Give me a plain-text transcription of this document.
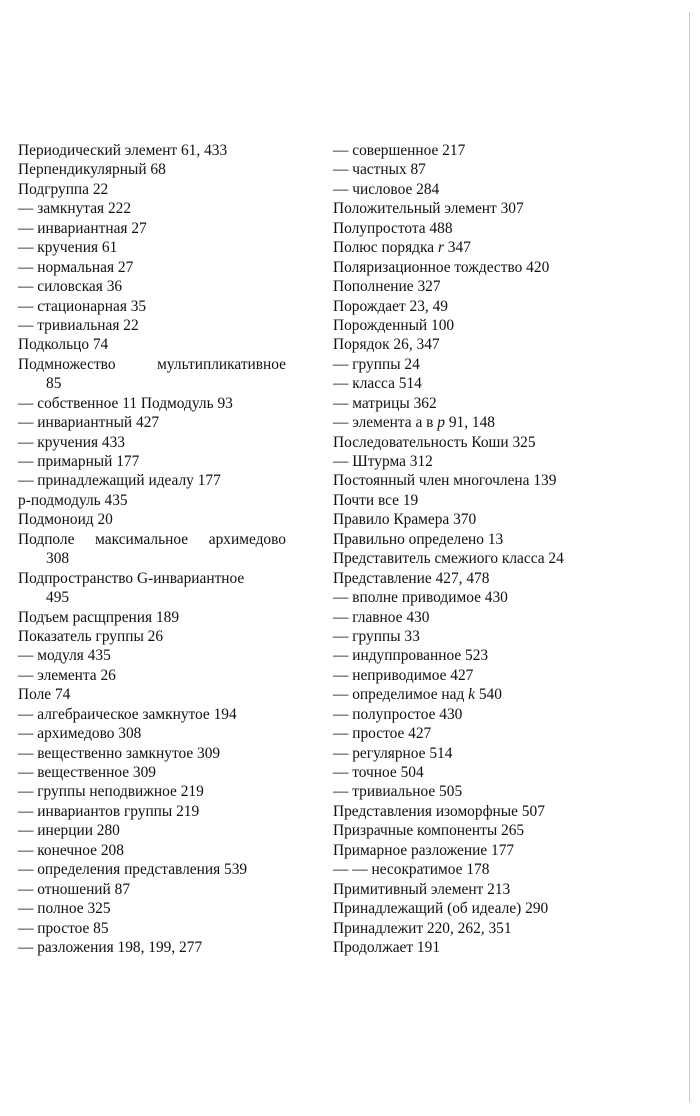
Периодический элемент 61, 433
Перпендикулярный 68
Подгруппа 22
— замкнутая 222
— инвариантная 27
— кручения 61
— нормальная 27
— силовская 36
— стационарная 35
— тривиальная 22
Подкольцо 74
Подмножество	мультипликативное
85
— собственное 11 Подмодуль 93
— инвариантный 427
— кручения 433
— примарный 177
— принадлежащий идеалу 177
p-подмодуль 435
Подмоноид 20
Подполе максимальное архимедово
308
Подпространство G-инвариантное
495
Подъем расщпрения 189
Показатель группы 26
— модуля 435
— элемента 26
Поле 74
— алгебраическое замкнутое 194
— архимедово 308
— вещественно замкнутое 309
— вещественное 309
— группы неподвижное 219
— инвариантов группы 219
— инерции 280
— конечное 208
— определения представления 539
— отношений 87
— полное 325
— простое 85
— разложения 198, 199, 277
— совершенное 217
— частных 87
— числовое 284
Положительный элемент 307
Полупростота 488
Полюс порядка r 347
Поляризационное тождество 420
Пополнение 327
Порождает 23, 49
Порожденный 100
Порядок 26, 347
— группы 24
— класса 514
— матрицы 362
— элемента а в p 91, 148
Последовательность Коши 325
— Штурма 312
Постоянный член многочлена 139
Почти все 19
Правило Крамера 370
Правильно определено 13
Представитель смежиого класса 24
Представление 427, 478
— вполне приводимое 430
— главное 430
— группы 33
— индуппрованное 523
— неприводимое 427
— определимое над k 540
— полупростое 430
— простое 427
— регулярное 514
— точное 504
— тривиальное 505
Представления изоморфные 507
Призрачные компоненты 265
Примарное разложение 177
— — несократимое 178
Примитивный элемент 213
Принадлежащий (об идеале) 290
Принадлежит 220, 262, 351
Продолжает 191
